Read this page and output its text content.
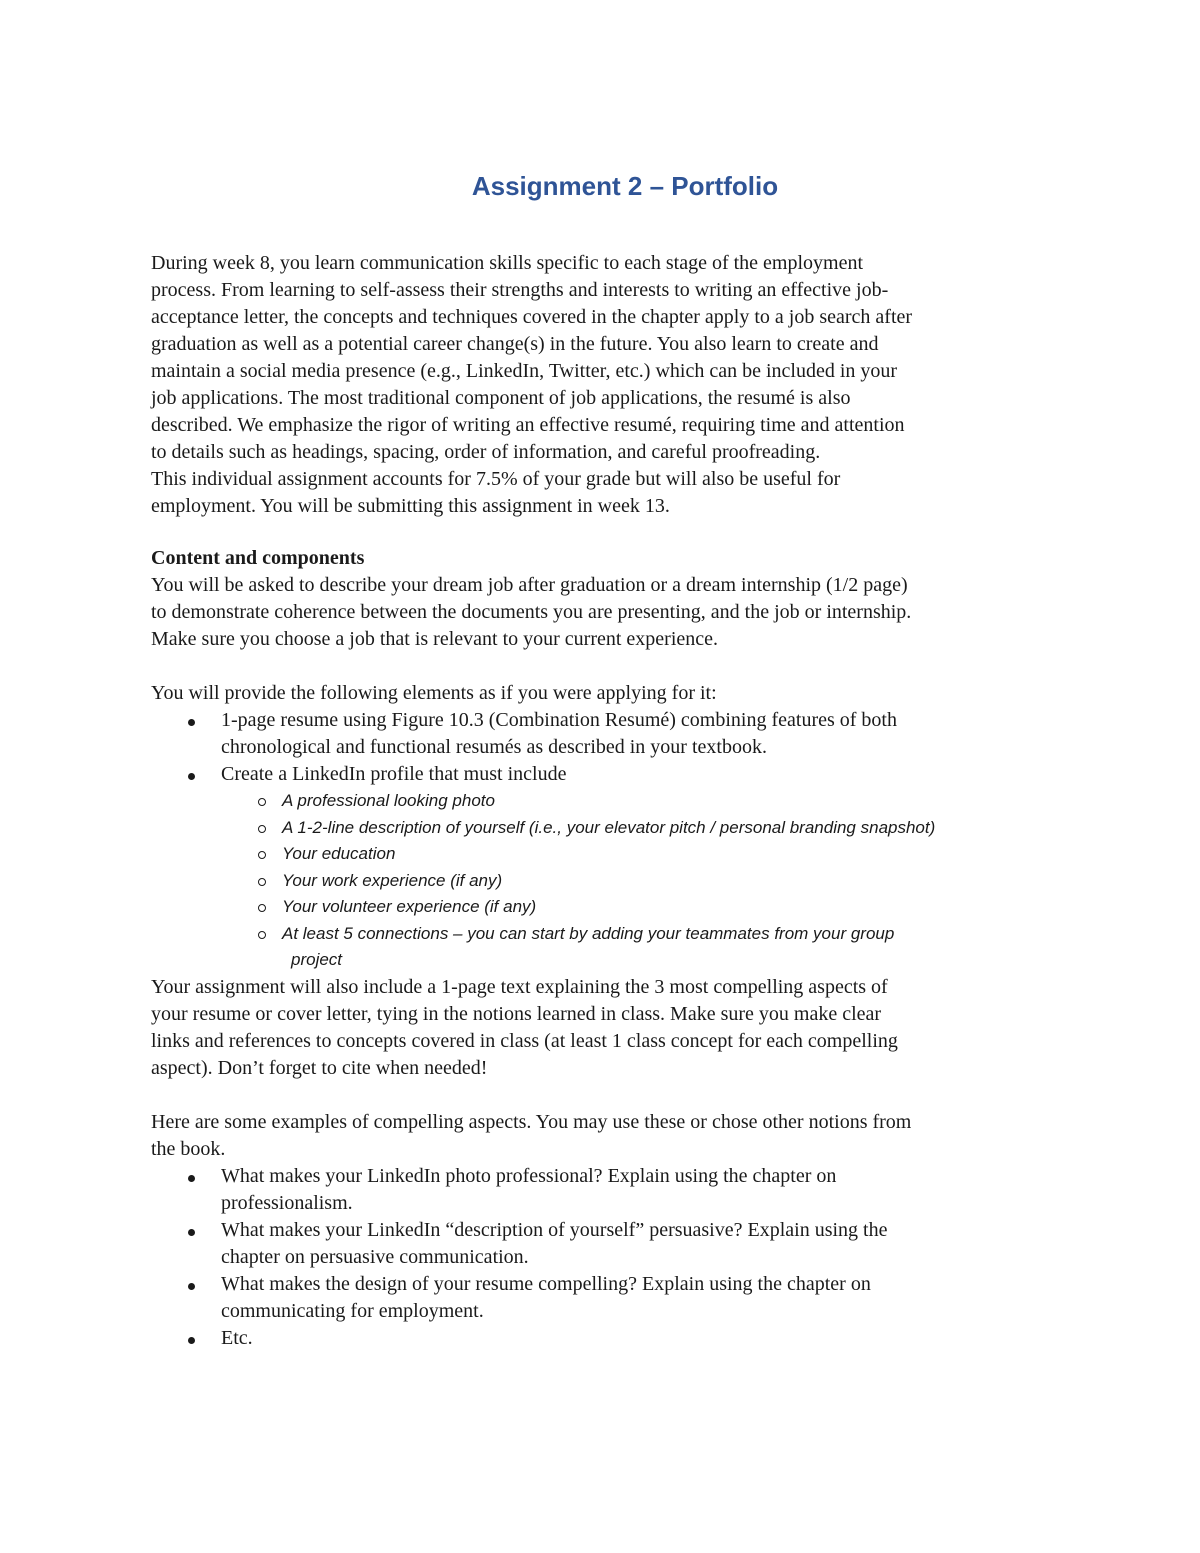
Assignment 2 – Portfolio
During week 8, you learn communication skills specific to each stage of the employment
process. From learning to self-assess their strengths and interests to writing an effective job-
acceptance letter, the concepts and techniques covered in the chapter apply to a job search after
graduation as well as a potential career change(s) in the future. You also learn to create and
maintain a social media presence (e.g., LinkedIn, Twitter, etc.) which can be included in your
job applications. The most traditional component of job applications, the resumé is also
described. We emphasize the rigor of writing an effective resumé, requiring time and attention
to details such as headings, spacing, order of information, and careful proofreading.
This individual assignment accounts for 7.5% of your grade but will also be useful for
employment. You will be submitting this assignment in week 13.
Content and components
You will be asked to describe your dream job after graduation or a dream internship (1/2 page)
to demonstrate coherence between the documents you are presenting, and the job or internship.
Make sure you choose a job that is relevant to your current experience.
You will provide the following elements as if you were applying for it:
1-page resume using Figure 10.3 (Combination Resumé) combining features of both
chronological and functional resumés as described in your textbook.
Create a LinkedIn profile that must include
A professional looking photo
A 1-2-line description of yourself (i.e., your elevator pitch / personal branding snapshot)
Your education
Your work experience (if any)
Your volunteer experience (if any)
At least 5 connections – you can start by adding your teammates from your group
project
Your assignment will also include a 1-page text explaining the 3 most compelling aspects of
your resume or cover letter, tying in the notions learned in class. Make sure you make clear
links and references to concepts covered in class (at least 1 class concept for each compelling
aspect). Don’t forget to cite when needed!
Here are some examples of compelling aspects. You may use these or chose other notions from
the book.
What makes your LinkedIn photo professional? Explain using the chapter on
professionalism.
What makes your LinkedIn “description of yourself” persuasive? Explain using the
chapter on persuasive communication.
What makes the design of your resume compelling? Explain using the chapter on
communicating for employment.
Etc.
